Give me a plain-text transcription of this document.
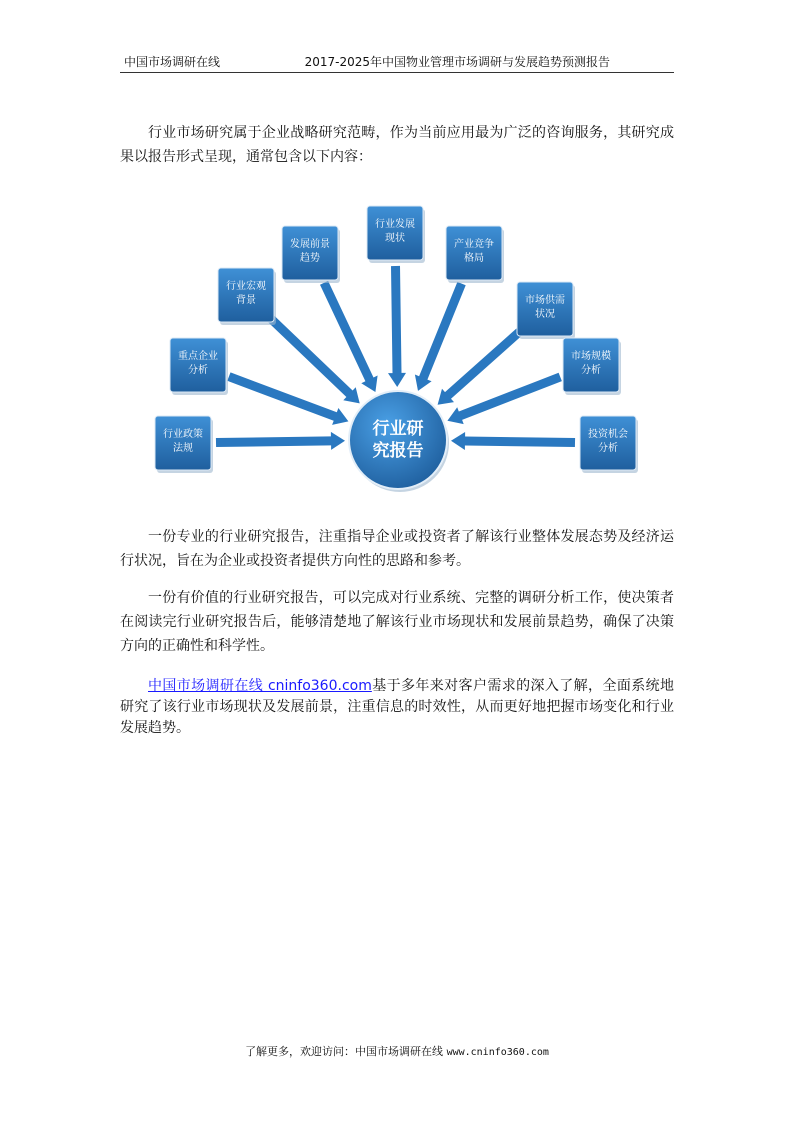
中国市场调研在线	2017-2025年中国物业管理市场调研与发展趋势预测报告

行业市场研究属于企业战略研究范畴，作为当前应用最为广泛的咨询服务，其研究成果以报告形式呈现，通常包含以下内容：

行业政策
法规
重点企业
分析
行业宏观
背景
发展前景
趋势
行业发展
现状
产业竞争
格局
市场供需
状况
市场规模
分析
投资机会
分析
行业研
究报告

一份专业的行业研究报告，注重指导企业或投资者了解该行业整体发展态势及经济运行状况，旨在为企业或投资者提供方向性的思路和参考。

一份有价值的行业研究报告，可以完成对行业系统、完整的调研分析工作，使决策者在阅读完行业研究报告后，能够清楚地了解该行业市场现状和发展前景趋势，确保了决策方向的正确性和科学性。

中国市场调研在线 cninfo360.com基于多年来对客户需求的深入了解，全面系统地研究了该行业市场现状及发展前景，注重信息的时效性，从而更好地把握市场变化和行业发展趋势。

了解更多，欢迎访问：中国市场调研在线 www.cninfo360.com
